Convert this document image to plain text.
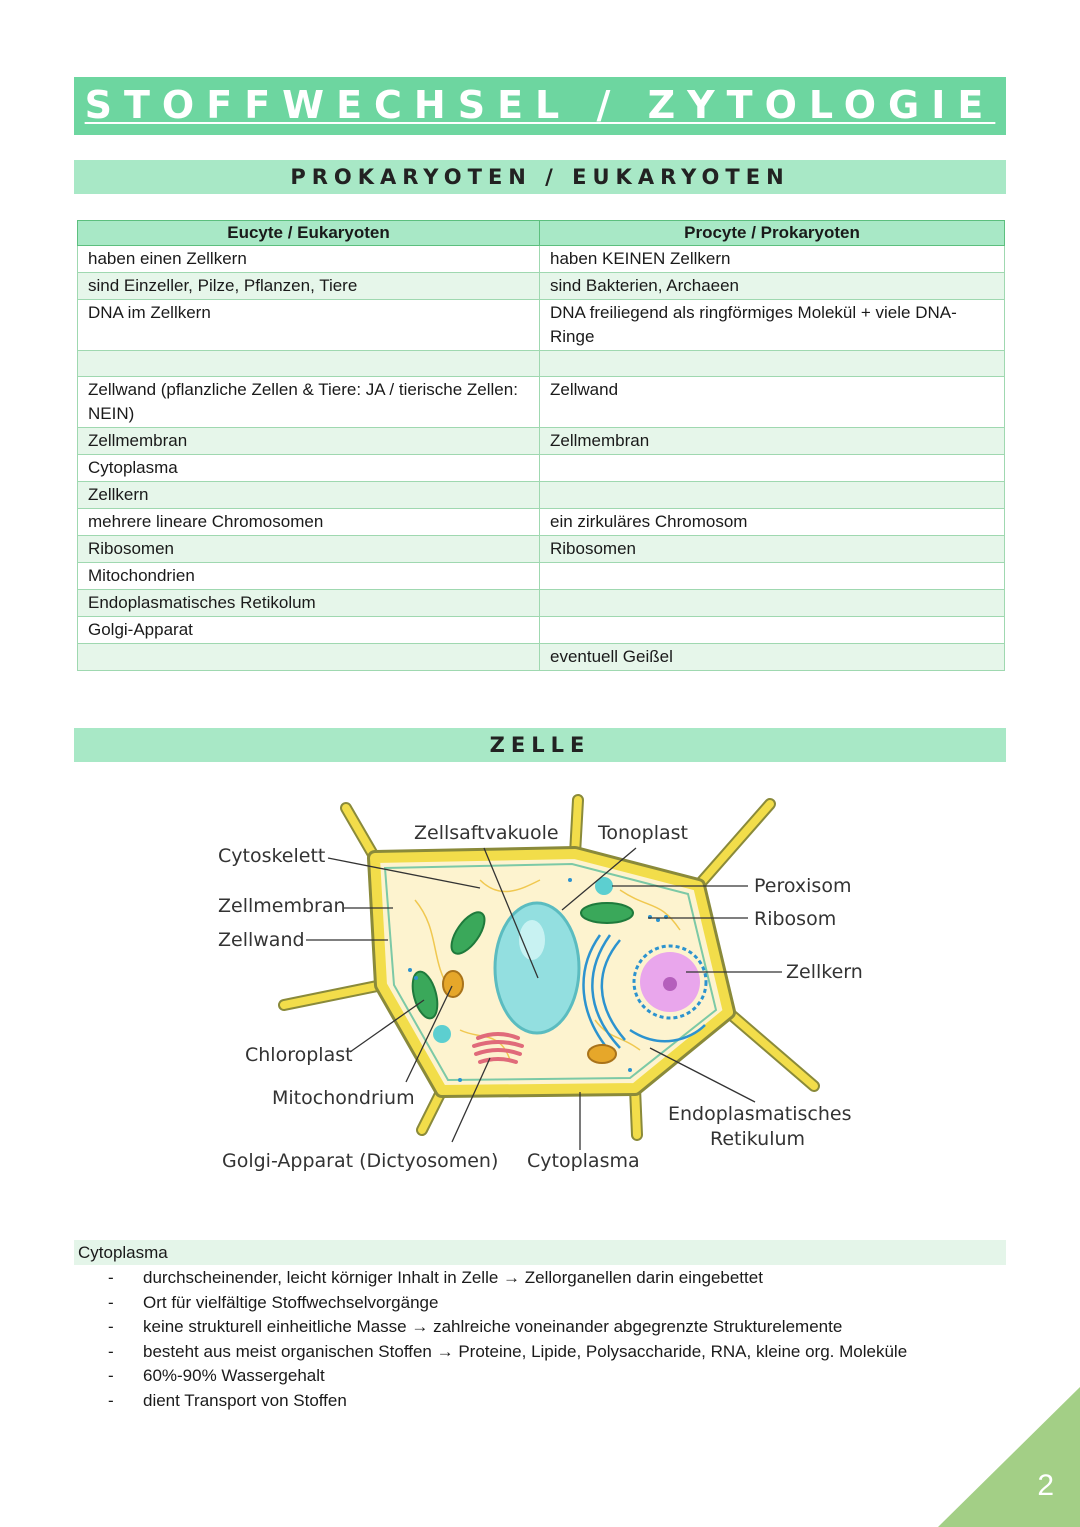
STOFFWECHSEL / ZYTOLOGIE
PROKARYOTEN / EUKARYOTEN
Eucyte / Eukaryoten	Procyte / Prokaryoten
haben einen Zellkern	haben KEINEN Zellkern
sind Einzeller, Pilze, Pflanzen, Tiere	sind Bakterien, Archaeen
DNA im Zellkern	DNA freiliegend als ringförmiges Molekül + viele DNA-Ringe

Zellwand (pflanzliche Zellen & Tiere: JA / tierische Zellen: NEIN)	Zellwand
Zellmembran	Zellmembran
Cytoplasma	
Zellkern	
mehrere lineare Chromosomen	ein zirkuläres Chromosom
Ribosomen	Ribosomen
Mitochondrien	
Endoplasmatisches Retikolum	
Golgi-Apparat	
	eventuell Geißel
ZELLE
Cytoskelett
Zellsaftvakuole Tonoplast
Peroxisom
Ribosom
Zellmembran
Zellwand
Zellkern
Chloroplast
Mitochondrium
Endoplasmatisches
Retikulum
Golgi-Apparat (Dictyosomen) Cytoplasma
Cytoplasma
- durchscheinender, leicht körniger Inhalt in Zelle → Zellorganellen darin eingebettet
- Ort für vielfältige Stoffwechselvorgänge
- keine strukturell einheitliche Masse → zahlreiche voneinander abgegrenzte Strukturelemente
- besteht aus meist organischen Stoffen → Proteine, Lipide, Polysaccharide, RNA, kleine org. Moleküle
- 60%-90% Wassergehalt
- dient Transport von Stoffen
2
